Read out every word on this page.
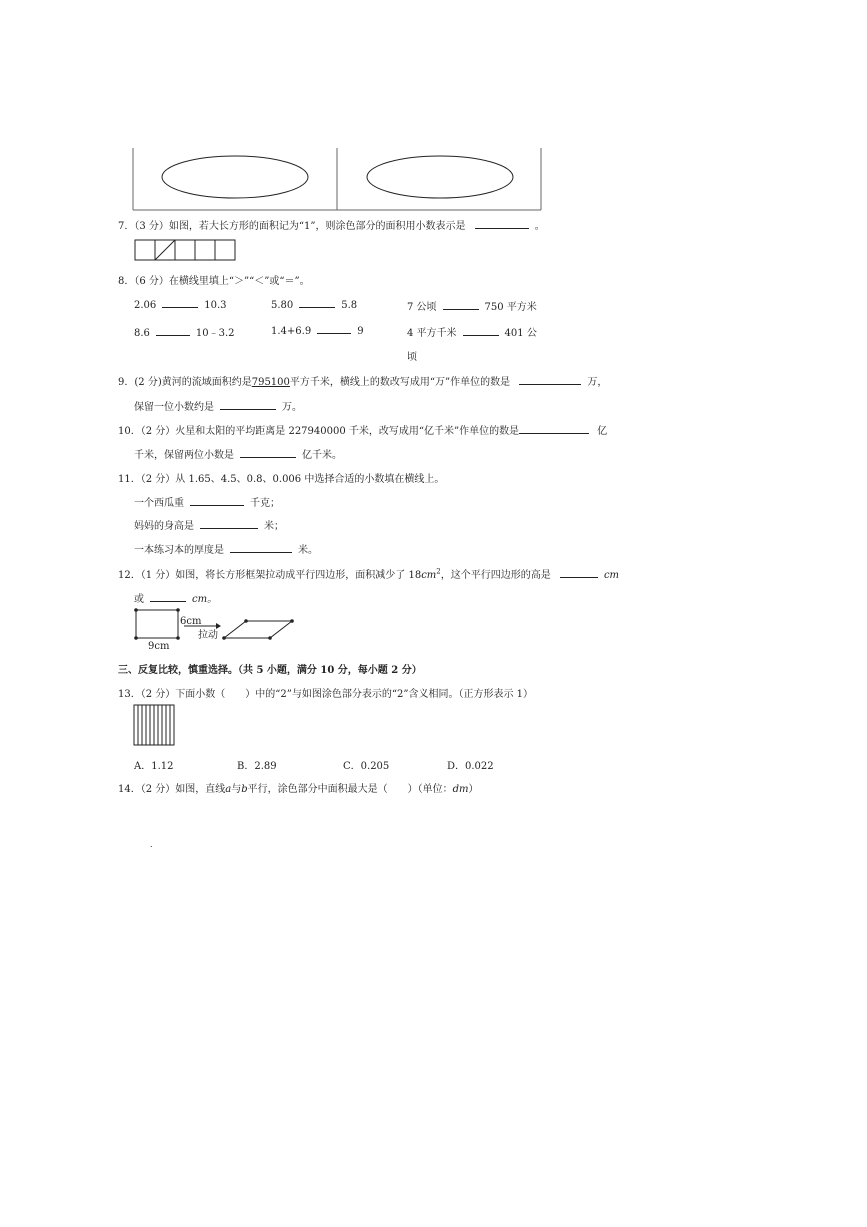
7．（3 分）如图，若大长方形的面积记为“1”，则涂色部分的面积用小数表示是	。
8．（6 分）在横线里填上“＞”“＜”或“＝”。
2.06	10.3	5.80	5.8	7 公顷	750 平方米
8.6	10﹣3.2	1.4+6.9	9	4 平方千米	401 公
顷
9．(2 分)黄河的流域面积约是795100平方千米，横线上的数改写成用“万”作单位的数是	万，
保留一位小数约是	万。
10．（2 分）火星和太阳的平均距离是 227940000 千米，改写成用“亿千米”作单位的数是	亿
千米，保留两位小数是	亿千米。
11．（2 分）从 1.65、4.5、0.8、0.006 中选择合适的小数填在横线上。
一个西瓜重	千克；
妈妈的身高是	米；
一本练习本的厚度是	米。
12．（1 分）如图，将长方形框架拉动成平行四边形，面积减少了 $18cm^2$，这个平行四边形的高是	cm
或	cm。
6cm
拉动
9cm
三、反复比较，慎重选择。（共 5 小题，满分 10 分，每小题 2 分）
13．（2 分）下面小数（　　）中的“2”与如图涂色部分表示的“2”含义相同。（正方形表示 1）
A．1.12	B．2.89	C．0.205	D．0.022
14．（2 分）如图，直线a与b平行，涂色部分中面积最大是（　　）（单位：dm）
.
